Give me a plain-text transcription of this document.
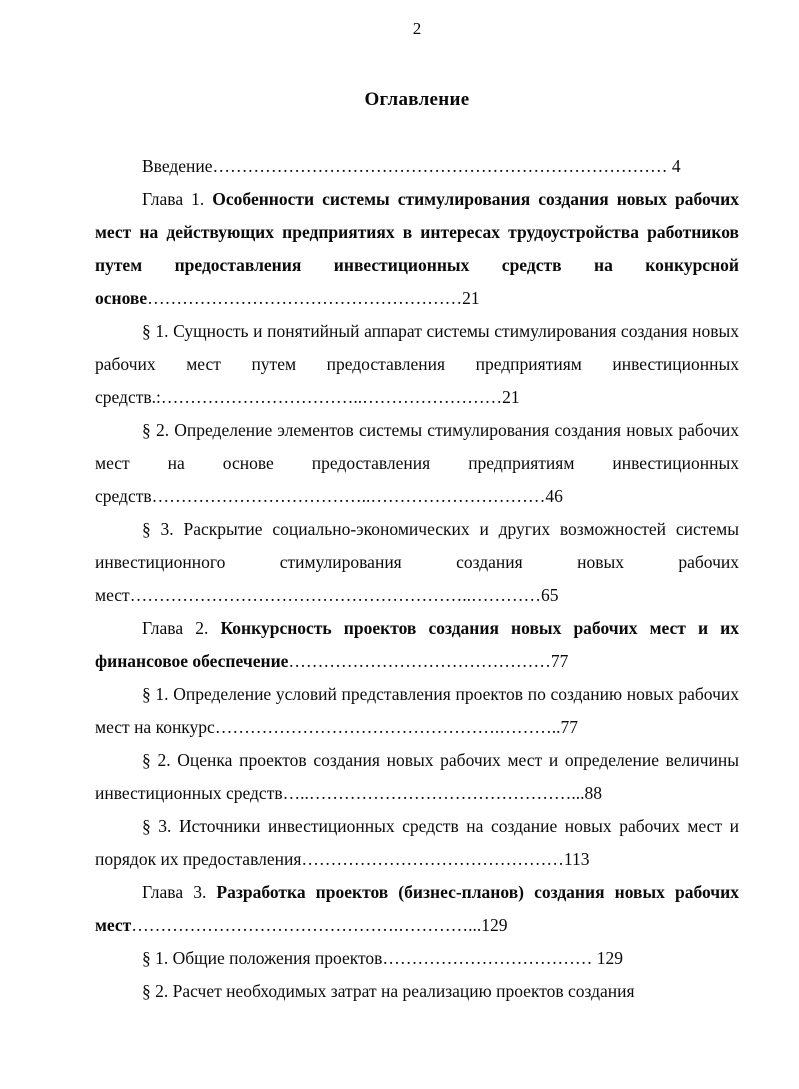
2

Оглавление

Введение…………………………………………………………………… 4

Глава 1. Особенности системы стимулирования создания новых рабочих мест на действующих предприятиях в интересах трудоустройства работников путем предоставления инвестиционных средств на конкурсной основе………………………………………………21

§ 1. Сущность и понятийный аппарат системы стимулирования создания новых рабочих мест путем предоставления предприятиям инвестиционных средств.:……………………………..……………………21

§ 2. Определение элементов системы стимулирования создания новых рабочих мест на основе предоставления предприятиям инвестиционных средств………………………………..…………………………46

§ 3. Раскрытие социально-экономических и других возможностей системы инвестиционного стимулирования создания новых рабочих мест…………………………………………………..…………65

Глава 2. Конкурсность проектов создания новых рабочих мест и их финансовое обеспечение………………………………………77

§ 1. Определение условий представления проектов по созданию новых рабочих мест на конкурс………………………………………….………..77

§ 2. Оценка проектов создания новых рабочих мест и определение величины инвестиционных средств…..………………………………………...88

§ 3. Источники инвестиционных средств на создание новых рабочих мест и порядок их предоставления………………………………………113

Глава 3. Разработка проектов (бизнес-планов) создания новых рабочих мест……………………………………….…………...129

§ 1. Общие положения проектов……………………………… 129

§ 2. Расчет необходимых затрат на реализацию проектов создания
